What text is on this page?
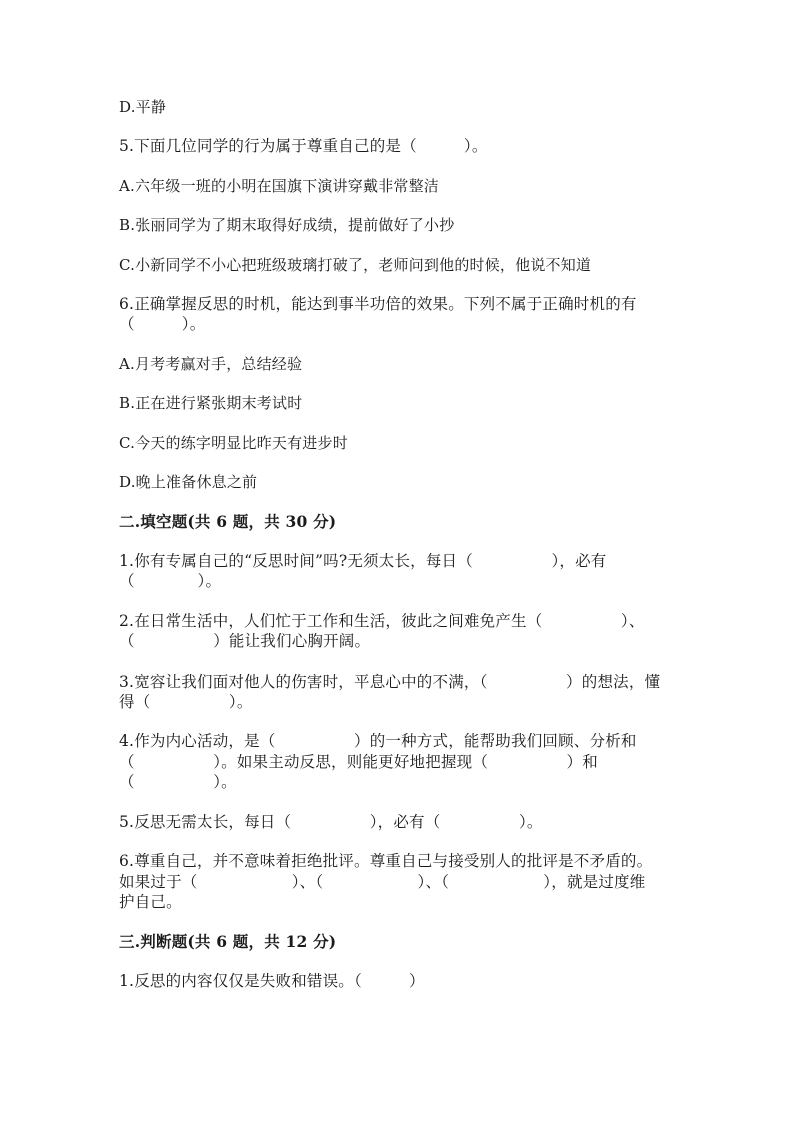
D.平静
5.下面几位同学的行为属于尊重自己的是（　　　）。
A.六年级一班的小明在国旗下演讲穿戴非常整洁
B.张丽同学为了期末取得好成绩，提前做好了小抄
C.小新同学不小心把班级玻璃打破了，老师问到他的时候，他说不知道
6.正确掌握反思的时机，能达到事半功倍的效果。下列不属于正确时机的有
（　　　）。
A.月考考赢对手，总结经验
B.正在进行紧张期末考试时
C.今天的练字明显比昨天有进步时
D.晚上准备休息之前
二.填空题(共 6 题，共 30 分)
1.你有专属自己的“反思时间”吗?无须太长，每日（　　　　　），必有
（　　　　）。
2.在日常生活中，人们忙于工作和生活，彼此之间难免产生（　　　　　）、
（　　　　　）能让我们心胸开阔。
3.宽容让我们面对他人的伤害时，平息心中的不满，（　　　　　）的想法，懂
得（　　　　　）。
4.作为内心活动，是（　　　　　）的一种方式，能帮助我们回顾、分析和
（　　　　　）。如果主动反思，则能更好地把握现（　　　　　）和
（　　　　　）。
5.反思无需太长，每日（　　　　　），必有（　　　　　）。
6.尊重自己，并不意味着拒绝批评。尊重自己与接受别人的批评是不矛盾的。
如果过于（　　　　　　）、（　　　　　　）、（　　　　　　），就是过度维
护自己。
三.判断题(共 6 题，共 12 分)
1.反思的内容仅仅是失败和错误。（　　　）
